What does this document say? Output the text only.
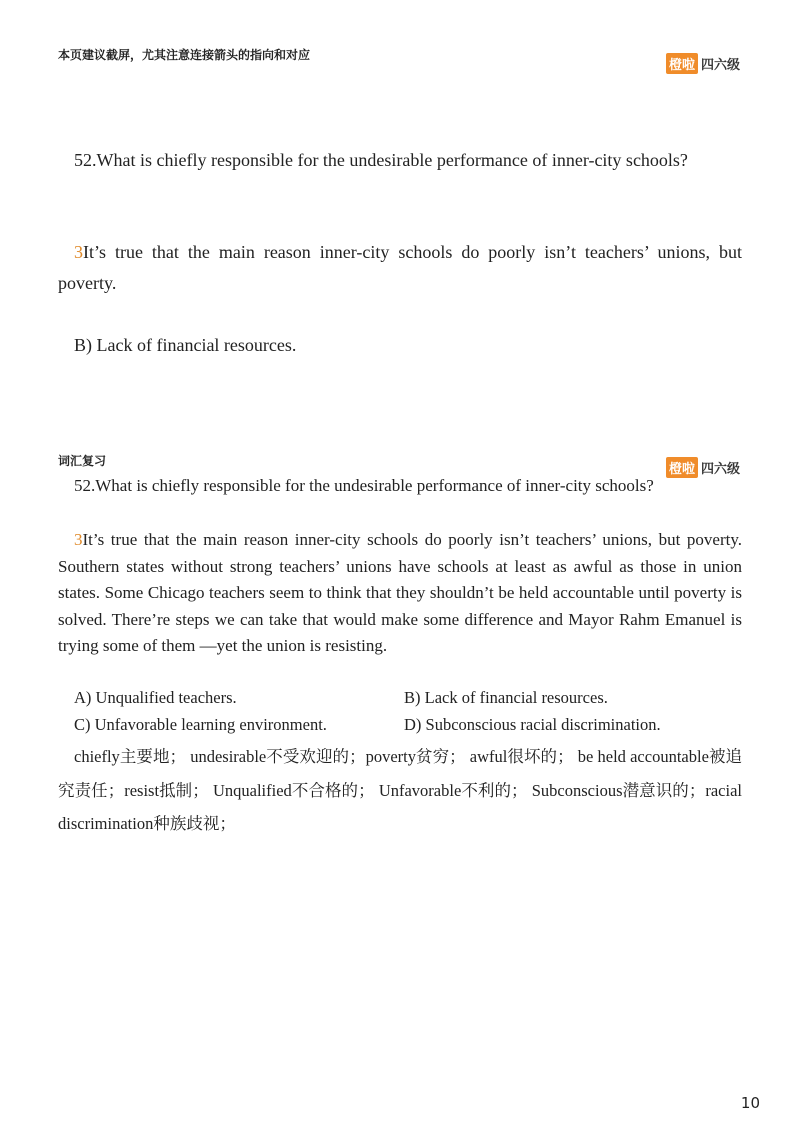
本页建议截屏，尤其注意连接箭头的指向和对应
橙啦 四六级
52.What is chiefly responsible for the undesirable performance of inner-city schools?
3It’s true that the main reason inner-city schools do poorly isn’t teachers’ unions, but poverty.
B) Lack of financial resources.
词汇复习
橙啦 四六级
52.What is chiefly responsible for the undesirable performance of inner-city schools?
3It’s true that the main reason inner-city schools do poorly isn’t teachers’ unions, but poverty. Southern states without strong teachers’ unions have schools at least as awful as those in union states. Some Chicago teachers seem to think that they shouldn’t be held accountable until poverty is solved. There’re steps we can take that would make some difference and Mayor Rahm Emanuel is trying some of them —yet the union is resisting.
A) Unqualified teachers.	B) Lack of financial resources.
C) Unfavorable learning environment.	D) Subconscious racial discrimination.
chiefly主要地； undesirable不受欢迎的；poverty贫穷； awful很坏的； be held accountable被追究责任；resist抵制； Unqualified不合格的； Unfavorable不利的； Subconscious潜意识的；racial discrimination种族歧视；
10
